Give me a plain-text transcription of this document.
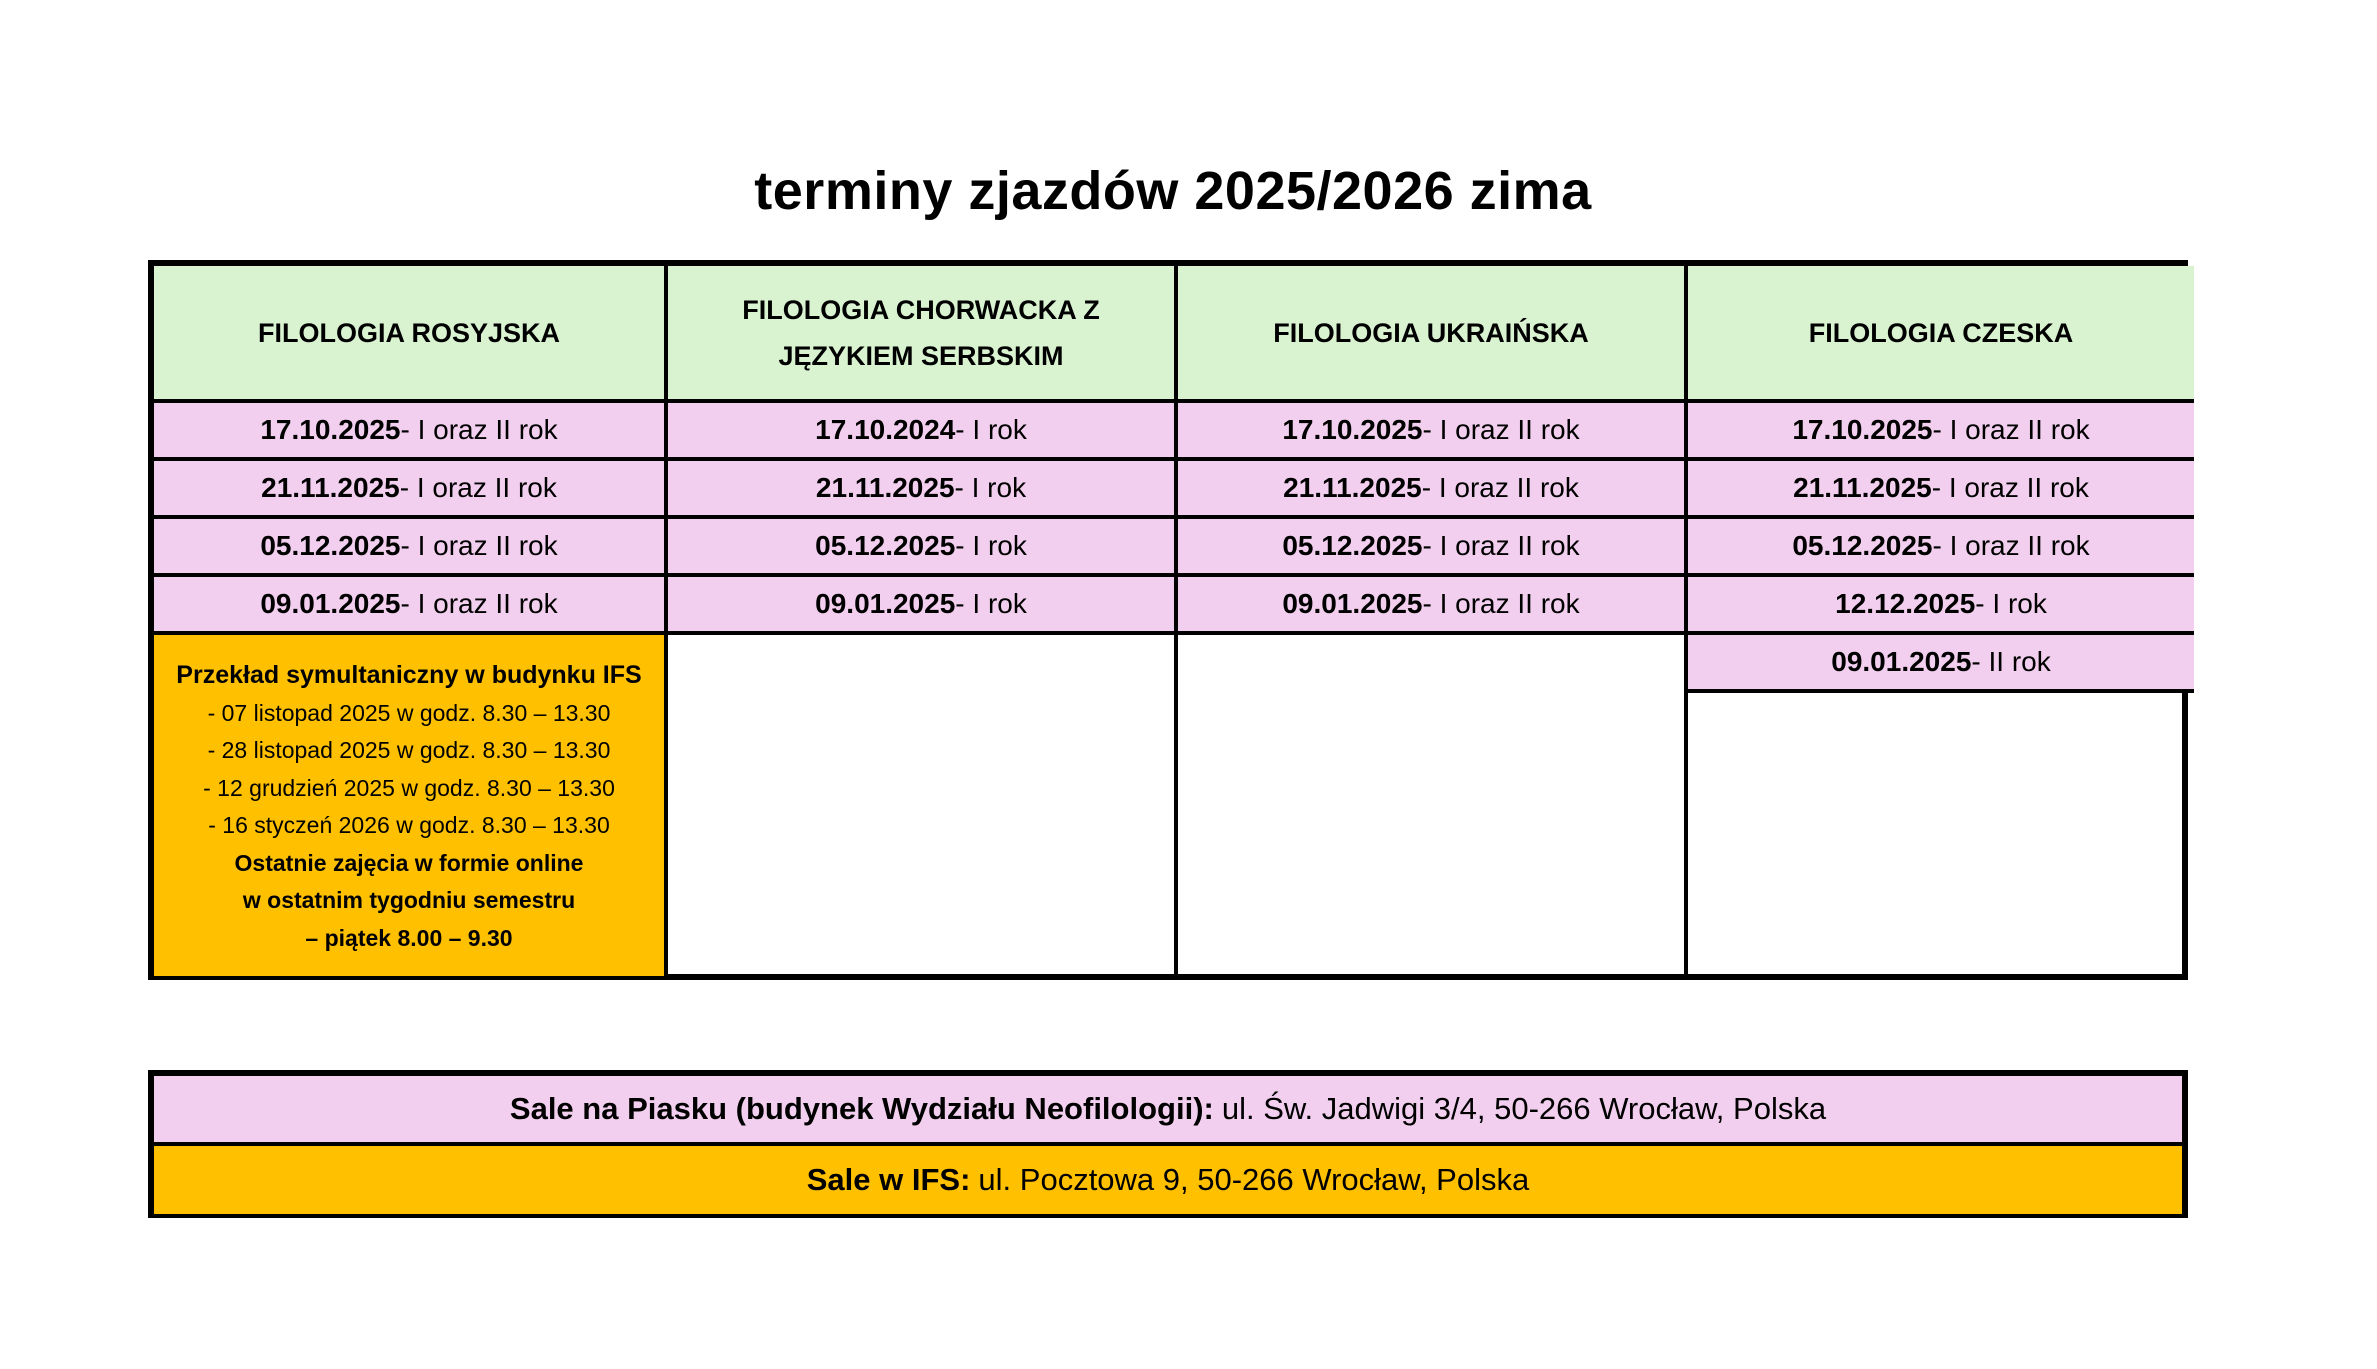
terminy zjazdów 2025/2026 zima
FILOLOGIA ROSYJSKA
17.10.2025 - I oraz II rok
21.11.2025 - I oraz II rok
05.12.2025 - I oraz II rok
09.01.2025 - I oraz II rok
Przekład symultaniczny w budynku IFS
- 07 listopad 2025 w godz. 8.30 – 13.30
- 28 listopad 2025 w godz. 8.30 – 13.30
- 12 grudzień 2025 w godz. 8.30 – 13.30
- 16 styczeń 2026 w godz. 8.30 – 13.30
Ostatnie zajęcia w formie online
w ostatnim tygodniu semestru
– piątek 8.00 – 9.30
FILOLOGIA CHORWACKA Z
JĘZYKIEM SERBSKIM
17.10.2024 - I rok
21.11.2025 - I rok
05.12.2025 - I rok
09.01.2025 - I rok
FILOLOGIA UKRAIŃSKA
17.10.2025 - I oraz II rok
21.11.2025 - I oraz II rok
05.12.2025 - I oraz II rok
09.01.2025 - I oraz II rok
FILOLOGIA CZESKA
17.10.2025 - I oraz II rok
21.11.2025 - I oraz II rok
05.12.2025 - I oraz II rok
12.12.2025 - I rok
09.01.2025 - II rok
Sale na Piasku (budynek Wydziału Neofilologii): ul. Św. Jadwigi 3/4, 50-266 Wrocław, Polska
Sale w IFS: ul. Pocztowa 9, 50-266 Wrocław, Polska
